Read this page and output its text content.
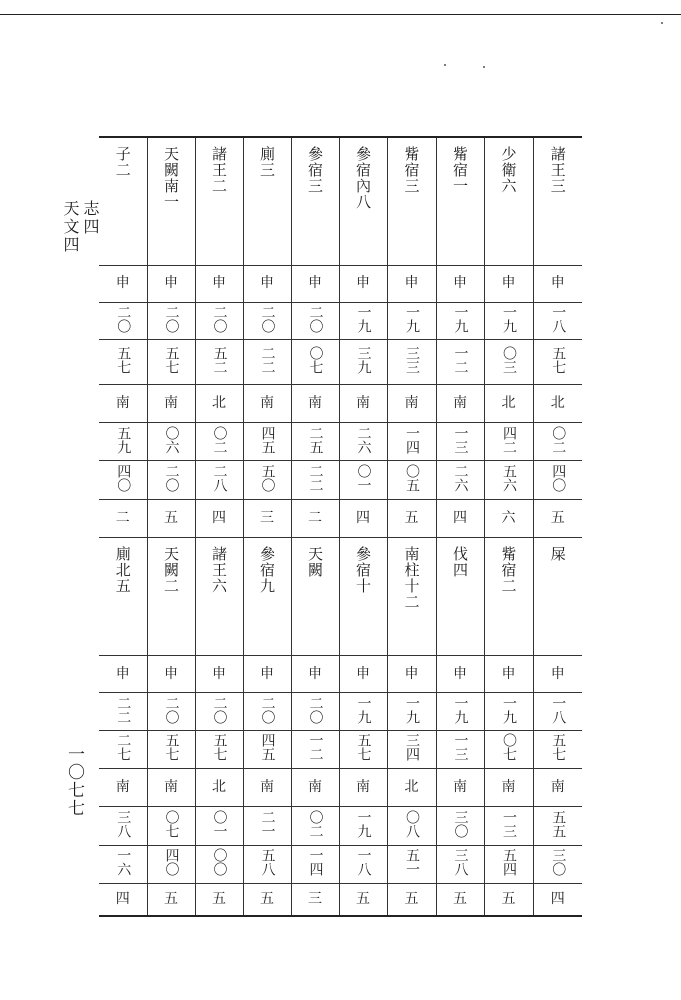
志四
天文四
一〇七七
子二	天闕南一	諸王二	廁三	參宿三	參宿內八	觜宿三	觜宿一	少衛六	諸王三
申	申	申	申	申	申	申	申	申	申
二〇	二〇	二〇	二〇	二〇	一九	一九	一九	一九	一八
五七	五七	五二	二二	〇七	三九	三三	一二	〇三	五七
南	南	北	南	南	南	南	南	北	北
五九	〇六	〇二	四五	二五	二六	一四	一三	四二	〇二
四〇	二〇	二八	五〇	二二	〇一	〇五	二六	五六	四〇
二	五	四	三	二	四	五	四	六	五
廁北五	天闕二	諸王六	參宿九	天闕	參宿十	南柱十二	伐四	觜宿二	屎
申	申	申	申	申	申	申	申	申	申
二二	二〇	二〇	二〇	二〇	一九	一九	一九	一九	一八
二七	五七	五七	四五	一二	五七	三四	一三	〇七	五七
南	南	北	南	南	南	北	南	南	南
三八	〇七	〇一	二一	〇二	一九	〇八	三〇	一三	五五
一六	四〇	〇〇	五八	一四	一八	五一	三八	五四	三〇
四	五	五	五	三	五	五	五	五	四
